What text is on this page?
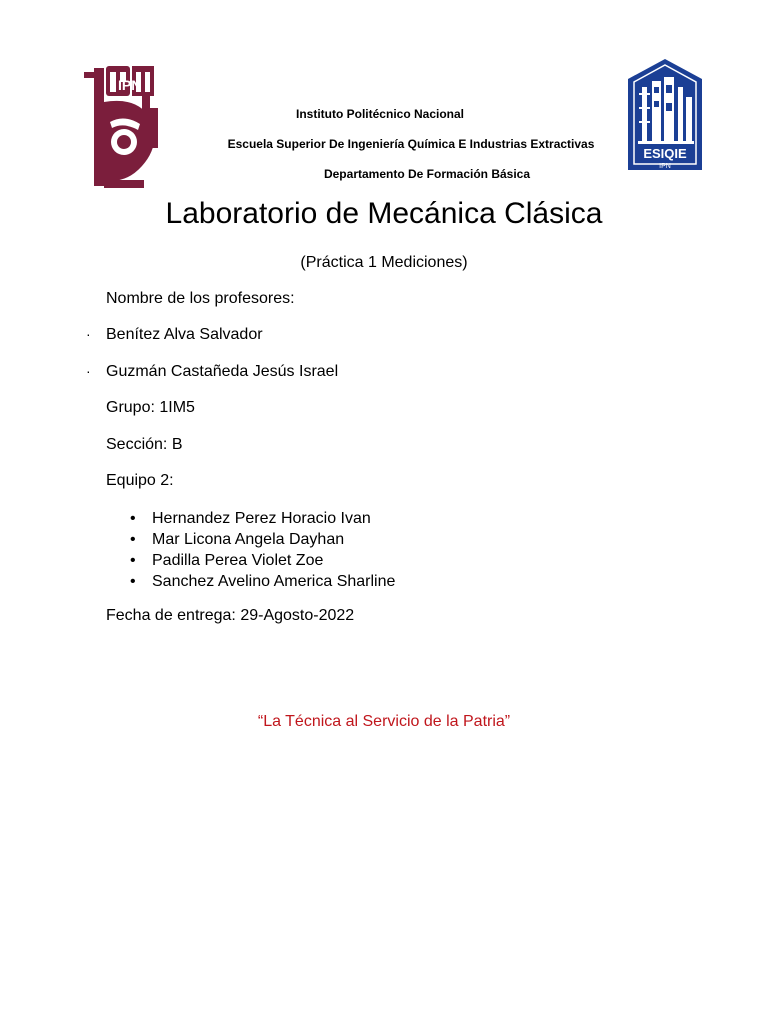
IPN
ESIQIE
IPN
Instituto Politécnico Nacional
Escuela Superior De Ingeniería Química E Industrias Extractivas
Departamento De Formación Básica
Laboratorio de Mecánica Clásica
(Práctica 1 Mediciones)
Nombre de los profesores:
· Benítez Alva Salvador
· Guzmán Castañeda Jesús Israel
Grupo: 1IM5
Sección: B
Equipo 2:
• Hernandez Perez Horacio Ivan
• Mar Licona Angela Dayhan
• Padilla Perea Violet Zoe
• Sanchez Avelino America Sharline
Fecha de entrega: 29-Agosto-2022
“La Técnica al Servicio de la Patria”
